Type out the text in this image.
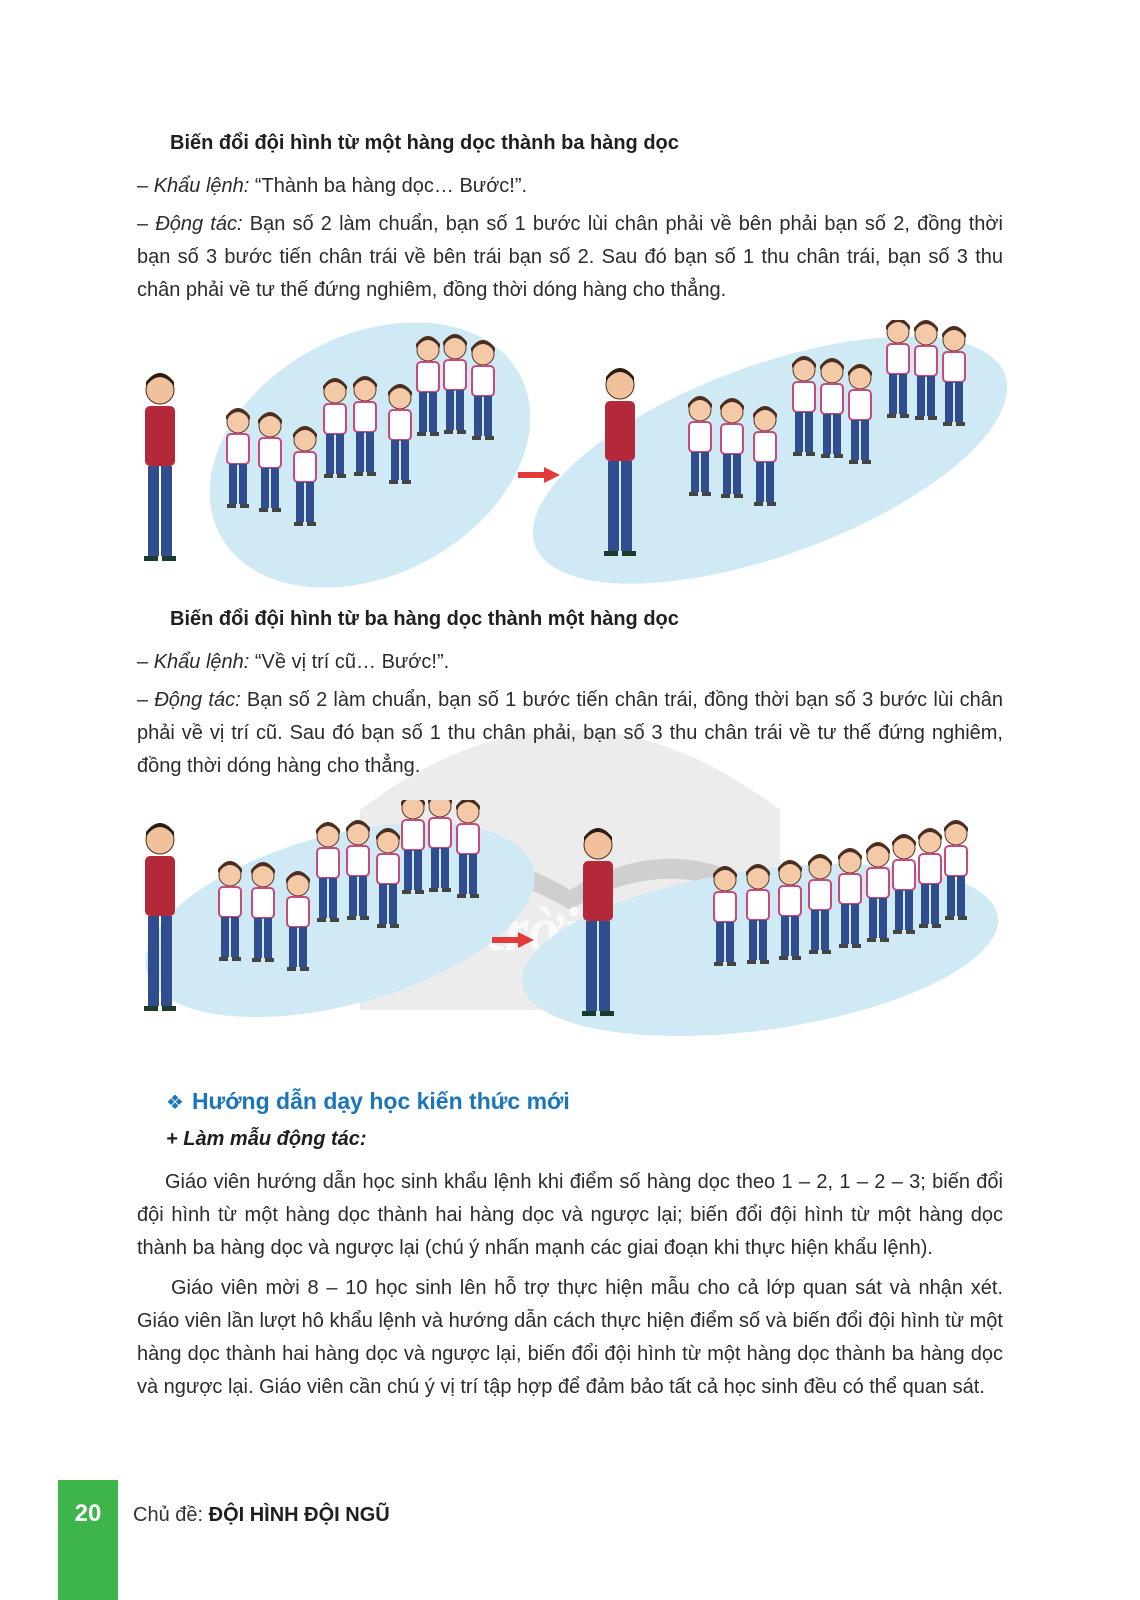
trời
Biến đổi đội hình từ một hàng dọc thành ba hàng dọc
– Khẩu lệnh: “Thành ba hàng dọc… Bước!”.
– Động tác: Bạn số 2 làm chuẩn, bạn số 1 bước lùi chân phải về bên phải bạn số 2, đồng thời bạn số 3 bước tiến chân trái về bên trái bạn số 2. Sau đó bạn số 1 thu chân trái, bạn số 3 thu chân phải về tư thế đứng nghiêm, đồng thời dóng hàng cho thẳng.
Biến đổi đội hình từ ba hàng dọc thành một hàng dọc
– Khẩu lệnh: “Về vị trí cũ… Bước!”.
– Động tác: Bạn số 2 làm chuẩn, bạn số 1 bước tiến chân trái, đồng thời bạn số 3 bước lùi chân phải về vị trí cũ. Sau đó bạn số 1 thu chân phải, bạn số 3 thu chân trái về tư thế đứng nghiêm, đồng thời dóng hàng cho thẳng.
❖ Hướng dẫn dạy học kiến thức mới
+ Làm mẫu động tác:
Giáo viên hướng dẫn học sinh khẩu lệnh khi điểm số hàng dọc theo 1 – 2, 1 – 2 – 3; biến đổi đội hình từ một hàng dọc thành hai hàng dọc và ngược lại; biến đổi đội hình từ một hàng dọc thành ba hàng dọc và ngược lại (chú ý nhấn mạnh các giai đoạn khi thực hiện khẩu lệnh).
Giáo viên mời 8 – 10 học sinh lên hỗ trợ thực hiện mẫu cho cả lớp quan sát và nhận xét. Giáo viên lần lượt hô khẩu lệnh và hướng dẫn cách thực hiện điểm số và biến đổi đội hình từ một hàng dọc thành hai hàng dọc và ngược lại, biến đổi đội hình từ một hàng dọc thành ba hàng dọc và ngược lại. Giáo viên cần chú ý vị trí tập hợp để đảm bảo tất cả học sinh đều có thể quan sát.
20	Chủ đề: ĐỘI HÌNH ĐỘI NGŨ
